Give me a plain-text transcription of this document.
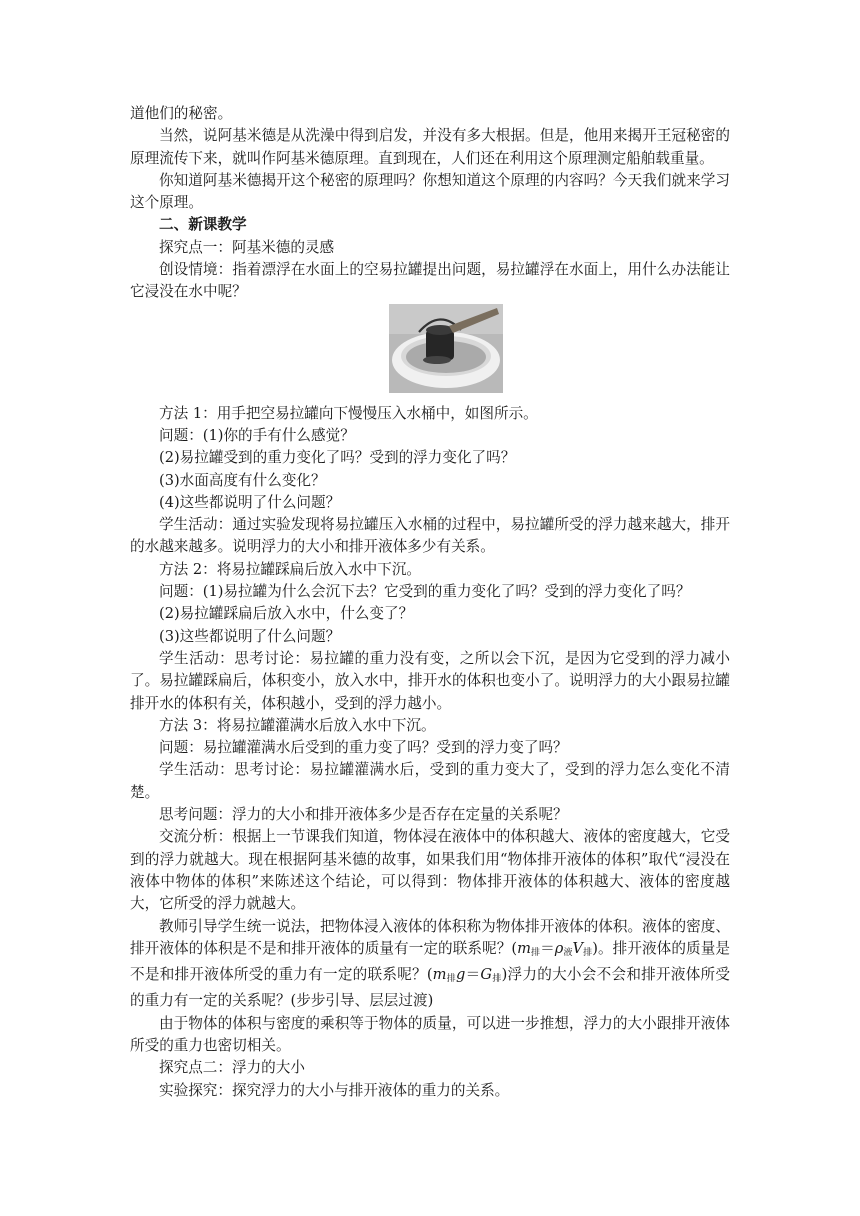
道他们的秘密。

当然，说阿基米德是从洗澡中得到启发，并没有多大根据。但是，他用来揭开王冠秘密的原理流传下来，就叫作阿基米德原理。直到现在，人们还在利用这个原理测定船舶载重量。

你知道阿基米德揭开这个秘密的原理吗？你想知道这个原理的内容吗？今天我们就来学习这个原理。

二、新课教学

探究点一：阿基米德的灵感

创设情境：指着漂浮在水面上的空易拉罐提出问题，易拉罐浮在水面上，用什么办法能让它浸没在水中呢？

方法 1：用手把空易拉罐向下慢慢压入水桶中，如图所示。

问题：(1)你的手有什么感觉？

(2)易拉罐受到的重力变化了吗？受到的浮力变化了吗？

(3)水面高度有什么变化？

(4)这些都说明了什么问题？

学生活动：通过实验发现将易拉罐压入水桶的过程中，易拉罐所受的浮力越来越大，排开的水越来越多。说明浮力的大小和排开液体多少有关系。

方法 2：将易拉罐踩扁后放入水中下沉。

问题：(1)易拉罐为什么会沉下去？它受到的重力变化了吗？受到的浮力变化了吗？

(2)易拉罐踩扁后放入水中，什么变了？

(3)这些都说明了什么问题？

学生活动：思考讨论：易拉罐的重力没有变，之所以会下沉，是因为它受到的浮力减小了。易拉罐踩扁后，体积变小，放入水中，排开水的体积也变小了。说明浮力的大小跟易拉罐排开水的体积有关，体积越小，受到的浮力越小。

方法 3：将易拉罐灌满水后放入水中下沉。

问题：易拉罐灌满水后受到的重力变了吗？受到的浮力变了吗？

学生活动：思考讨论：易拉罐灌满水后，受到的重力变大了，受到的浮力怎么变化不清楚。

思考问题：浮力的大小和排开液体多少是否存在定量的关系呢？

交流分析：根据上一节课我们知道，物体浸在液体中的体积越大、液体的密度越大，它受到的浮力就越大。现在根据阿基米德的故事，如果我们用“物体排开液体的体积”取代“浸没在液体中物体的体积”来陈述这个结论，可以得到：物体排开液体的体积越大、液体的密度越大，它所受的浮力就越大。

教师引导学生统一说法，把物体浸入液体的体积称为物体排开液体的体积。液体的密度、排开液体的体积是不是和排开液体的质量有一定的联系呢？$(m_排=\rho_液V_排)$。排开液体的质量是不是和排开液体所受的重力有一定的联系呢？$(m_排g=G_排)$浮力的大小会不会和排开液体所受的重力有一定的关系呢？(步步引导、层层过渡)

由于物体的体积与密度的乘积等于物体的质量，可以进一步推想，浮力的大小跟排开液体所受的重力也密切相关。

探究点二：浮力的大小

实验探究：探究浮力的大小与排开液体的重力的关系。
